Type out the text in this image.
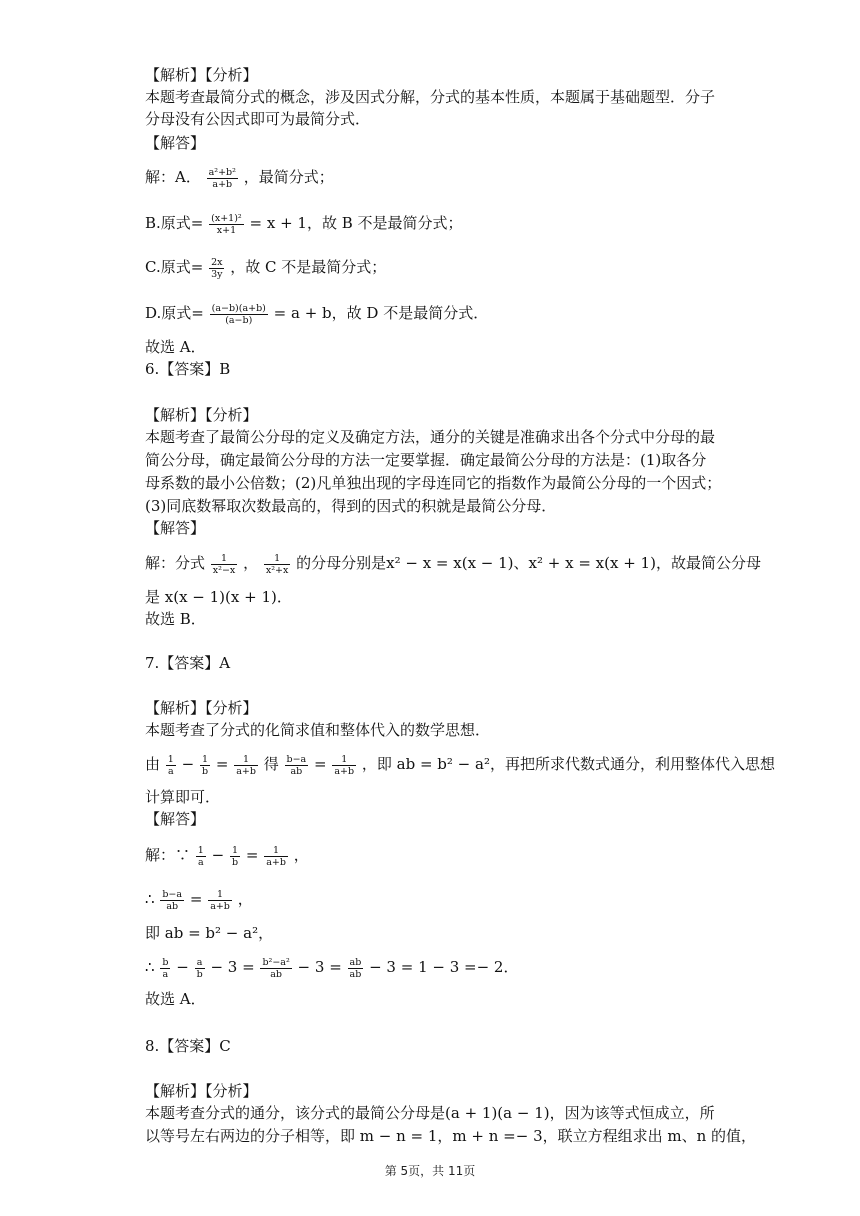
【解析】【分析】
本题考查最简分式的概念，涉及因式分解，分式的基本性质，本题属于基础题型．分子
分母没有公因式即可为最简分式．
【解答】
解：A． $\frac{\text{a²+b²}}{a+b}$ ，最简分式；
B.原式= $\frac{\text{(x+1)²}}{x+1} = x + 1$，故 B 不是最简分式；
C.原式= $\frac{2x}{3y}$ ，故 C 不是最简分式；
D.原式= $\frac{(a-b)(a+b)}{(a-b)} = a + b$，故 D 不是最简分式．
故选 A．
6.【答案】B
【解析】【分析】
本题考查了最简公分母的定义及确定方法，通分的关键是准确求出各个分式中分母的最
简公分母，确定最简公分母的方法一定要掌握．确定最简公分母的方法是：(1)取各分
母系数的最小公倍数；(2)凡单独出现的字母连同它的指数作为最简公分母的一个因式；
(3)同底数幂取次数最高的，得到的因式的积就是最简公分母．
【解答】
解：分式 $\frac{1}{\text{x²−x}}$ ， $\frac{1}{\text{x²+x}}$ 的分母分别是x² − x = x(x − 1)、x² + x = x(x + 1)，故最简公分母
是 x(x − 1)(x + 1)．
故选 B．
7.【答案】A
【解析】【分析】
本题考查了分式的化简求值和整体代入的数学思想．
由 $\frac{1}{a} - \frac{1}{b} = \frac{1}{a+b}$ 得 $\frac{b-a}{ab} = \frac{1}{a+b}$ ，即 ab = b² − a²，再把所求代数式通分，利用整体代入思想
计算即可．
【解答】
解：∵ $\frac{1}{a} - \frac{1}{b} = \frac{1}{a+b}$ ，
∴ $\frac{b-a}{ab} = \frac{1}{a+b}$ ，
即 ab = b² − a²，
∴ $\frac{b}{a} - \frac{a}{b} - 3 = \frac{\text{b²−a²}}{ab} - 3 = \frac{ab}{ab} - 3 = 1 - 3 =- 2$．
故选 A．
8.【答案】C
【解析】【分析】
本题考查分式的通分，该分式的最简公分母是(a + 1)(a − 1)，因为该等式恒成立，所
以等号左右两边的分子相等，即 m − n = 1，m + n =− 3，联立方程组求出 m、n 的值，
第 5页，共 11页
